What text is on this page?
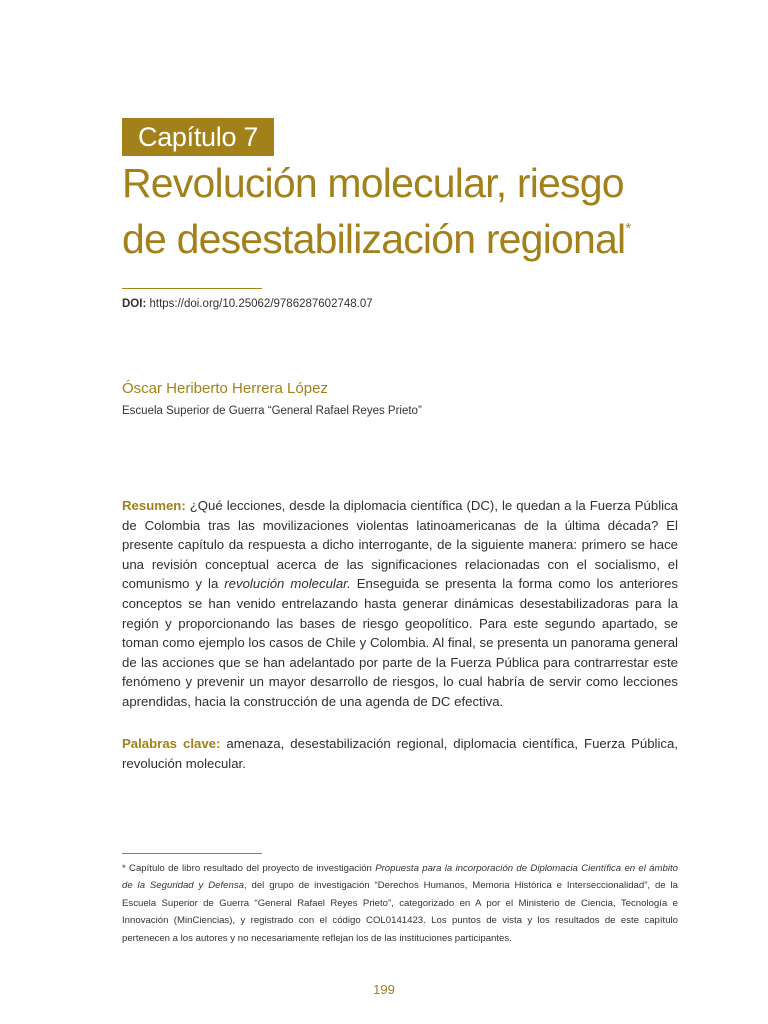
Capítulo 7
Revolución molecular, riesgo
de desestabilización regional*
DOI: https://doi.org/10.25062/9786287602748.07
Óscar Heriberto Herrera López
Escuela Superior de Guerra “General Rafael Reyes Prieto”

Resumen: ¿Qué lecciones, desde la diplomacia científica (DC), le quedan a la Fuerza Pública de Colombia tras las movilizaciones violentas latinoamericanas de la última década? El presente capítulo da respuesta a dicho interrogante, de la siguiente manera: primero se hace una revisión conceptual acerca de las significaciones relacionadas con el socialismo, el comunismo y la revolución molecular. Enseguida se presenta la forma como los anteriores conceptos se han venido entrelazando hasta generar dinámicas desestabilizadoras para la región y proporcionando las bases de riesgo geopolítico. Para este segundo apartado, se toman como ejemplo los casos de Chile y Colombia. Al final, se presenta un panorama general de las acciones que se han adelantado por parte de la Fuerza Pública para contrarrestar este fenómeno y prevenir un mayor desarrollo de riesgos, lo cual habría de servir como lecciones aprendidas, hacia la construcción de una agenda de DC efectiva.

Palabras clave: amenaza, desestabilización regional, diplomacia científica, Fuerza Pública, revolución molecular.

* Capítulo de libro resultado del proyecto de investigación Propuesta para la incorporación de Diplomacia Científica en el ámbito de la Seguridad y Defensa, del grupo de investigación “Derechos Humanos, Memoria Histórica e Interseccionalidad”, de la Escuela Superior de Guerra “General Rafael Reyes Prieto”, categorizado en A por el Ministerio de Ciencia, Tecnología e Innovación (MinCiencias), y registrado con el código COL0141423. Los puntos de vista y los resultados de este capítulo pertenecen a los autores y no necesariamente reflejan los de las instituciones participantes.

199
